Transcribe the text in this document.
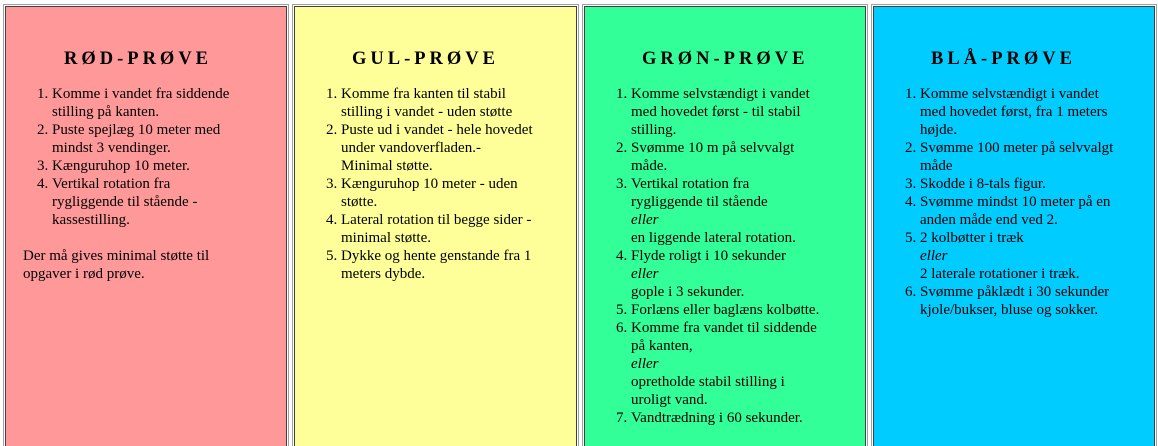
RØD-PRØVE
1. Komme i vandet fra siddende
stilling på kanten.
2. Puste spejlæg 10 meter med
mindst 3 vendinger.
3. Kænguruhop 10 meter.
4. Vertikal rotation fra
rygliggende til stående -
kassestilling.
Der må gives minimal støtte til
opgaver i rød prøve.
GUL-PRØVE
1. Komme fra kanten til stabil
stilling i vandet - uden støtte
2. Puste ud i vandet - hele hovedet
under vandoverfladen.-
Minimal støtte.
3. Kænguruhop 10 meter - uden
støtte.
4. Lateral rotation til begge sider -
minimal støtte.
5. Dykke og hente genstande fra 1
meters dybde.
GRØN-PRØVE
1. Komme selvstændigt i vandet
med hovedet først - til stabil
stilling.
2. Svømme 10 m på selvvalgt
måde.
3. Vertikal rotation fra
rygliggende til stående
eller
en liggende lateral rotation.
4. Flyde roligt i 10 sekunder
eller
gople i 3 sekunder.
5. Forlæns eller baglæns kolbøtte.
6. Komme fra vandet til siddende
på kanten,
eller
opretholde stabil stilling i
uroligt vand.
7. Vandtrædning i 60 sekunder.
BLÅ-PRØVE
1. Komme selvstændigt i vandet
med hovedet først, fra 1 meters
højde.
2. Svømme 100 meter på selvvalgt
måde
3. Skodde i 8-tals figur.
4. Svømme mindst 10 meter på en
anden måde end ved 2.
5. 2 kolbøtter i træk
eller
2 laterale rotationer i træk.
6. Svømme påklædt i 30 sekunder
kjole/bukser, bluse og sokker.
